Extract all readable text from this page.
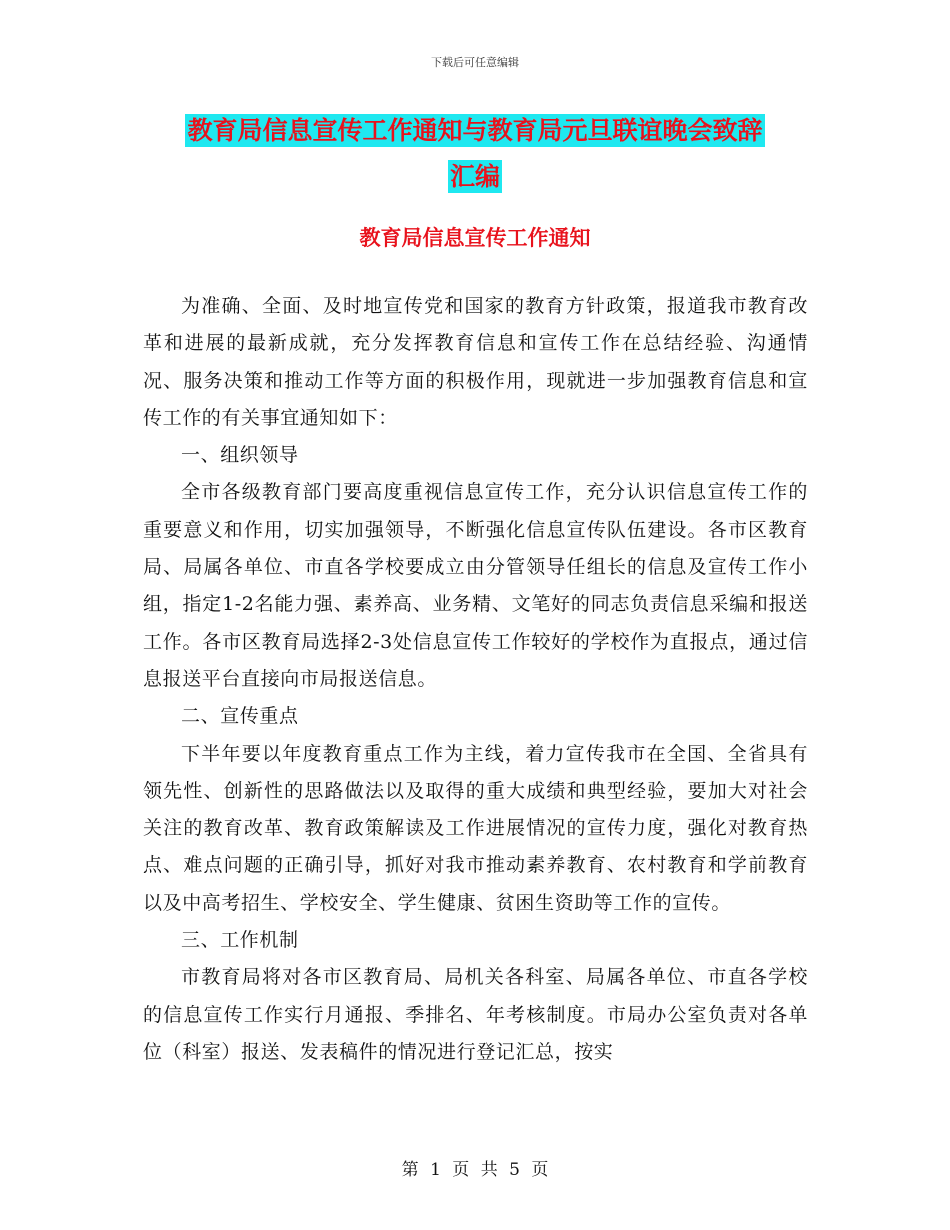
下载后可任意编辑
教育局信息宣传工作通知与教育局元旦联谊晚会致辞
汇编
教育局信息宣传工作通知

为准确、全面、及时地宣传党和国家的教育方针政策，报道我市教育改革和进展的最新成就，充分发挥教育信息和宣传工作在总结经验、沟通情况、服务决策和推动工作等方面的积极作用，现就进一步加强教育信息和宣传工作的有关事宜通知如下：

一、组织领导

全市各级教育部门要高度重视信息宣传工作，充分认识信息宣传工作的重要意义和作用，切实加强领导，不断强化信息宣传队伍建设。各市区教育局、局属各单位、市直各学校要成立由分管领导任组长的信息及宣传工作小组，指定1-2名能力强、素养高、业务精、文笔好的同志负责信息采编和报送工作。各市区教育局选择2-3处信息宣传工作较好的学校作为直报点，通过信息报送平台直接向市局报送信息。

二、宣传重点

下半年要以年度教育重点工作为主线，着力宣传我市在全国、全省具有领先性、创新性的思路做法以及取得的重大成绩和典型经验，要加大对社会关注的教育改革、教育政策解读及工作进展情况的宣传力度，强化对教育热点、难点问题的正确引导，抓好对我市推动素养教育、农村教育和学前教育以及中高考招生、学校安全、学生健康、贫困生资助等工作的宣传。

三、工作机制

市教育局将对各市区教育局、局机关各科室、局属各单位、市直各学校的信息宣传工作实行月通报、季排名、年考核制度。市局办公室负责对各单位（科室）报送、发表稿件的情况进行登记汇总，按实

第 1 页 共 5 页
